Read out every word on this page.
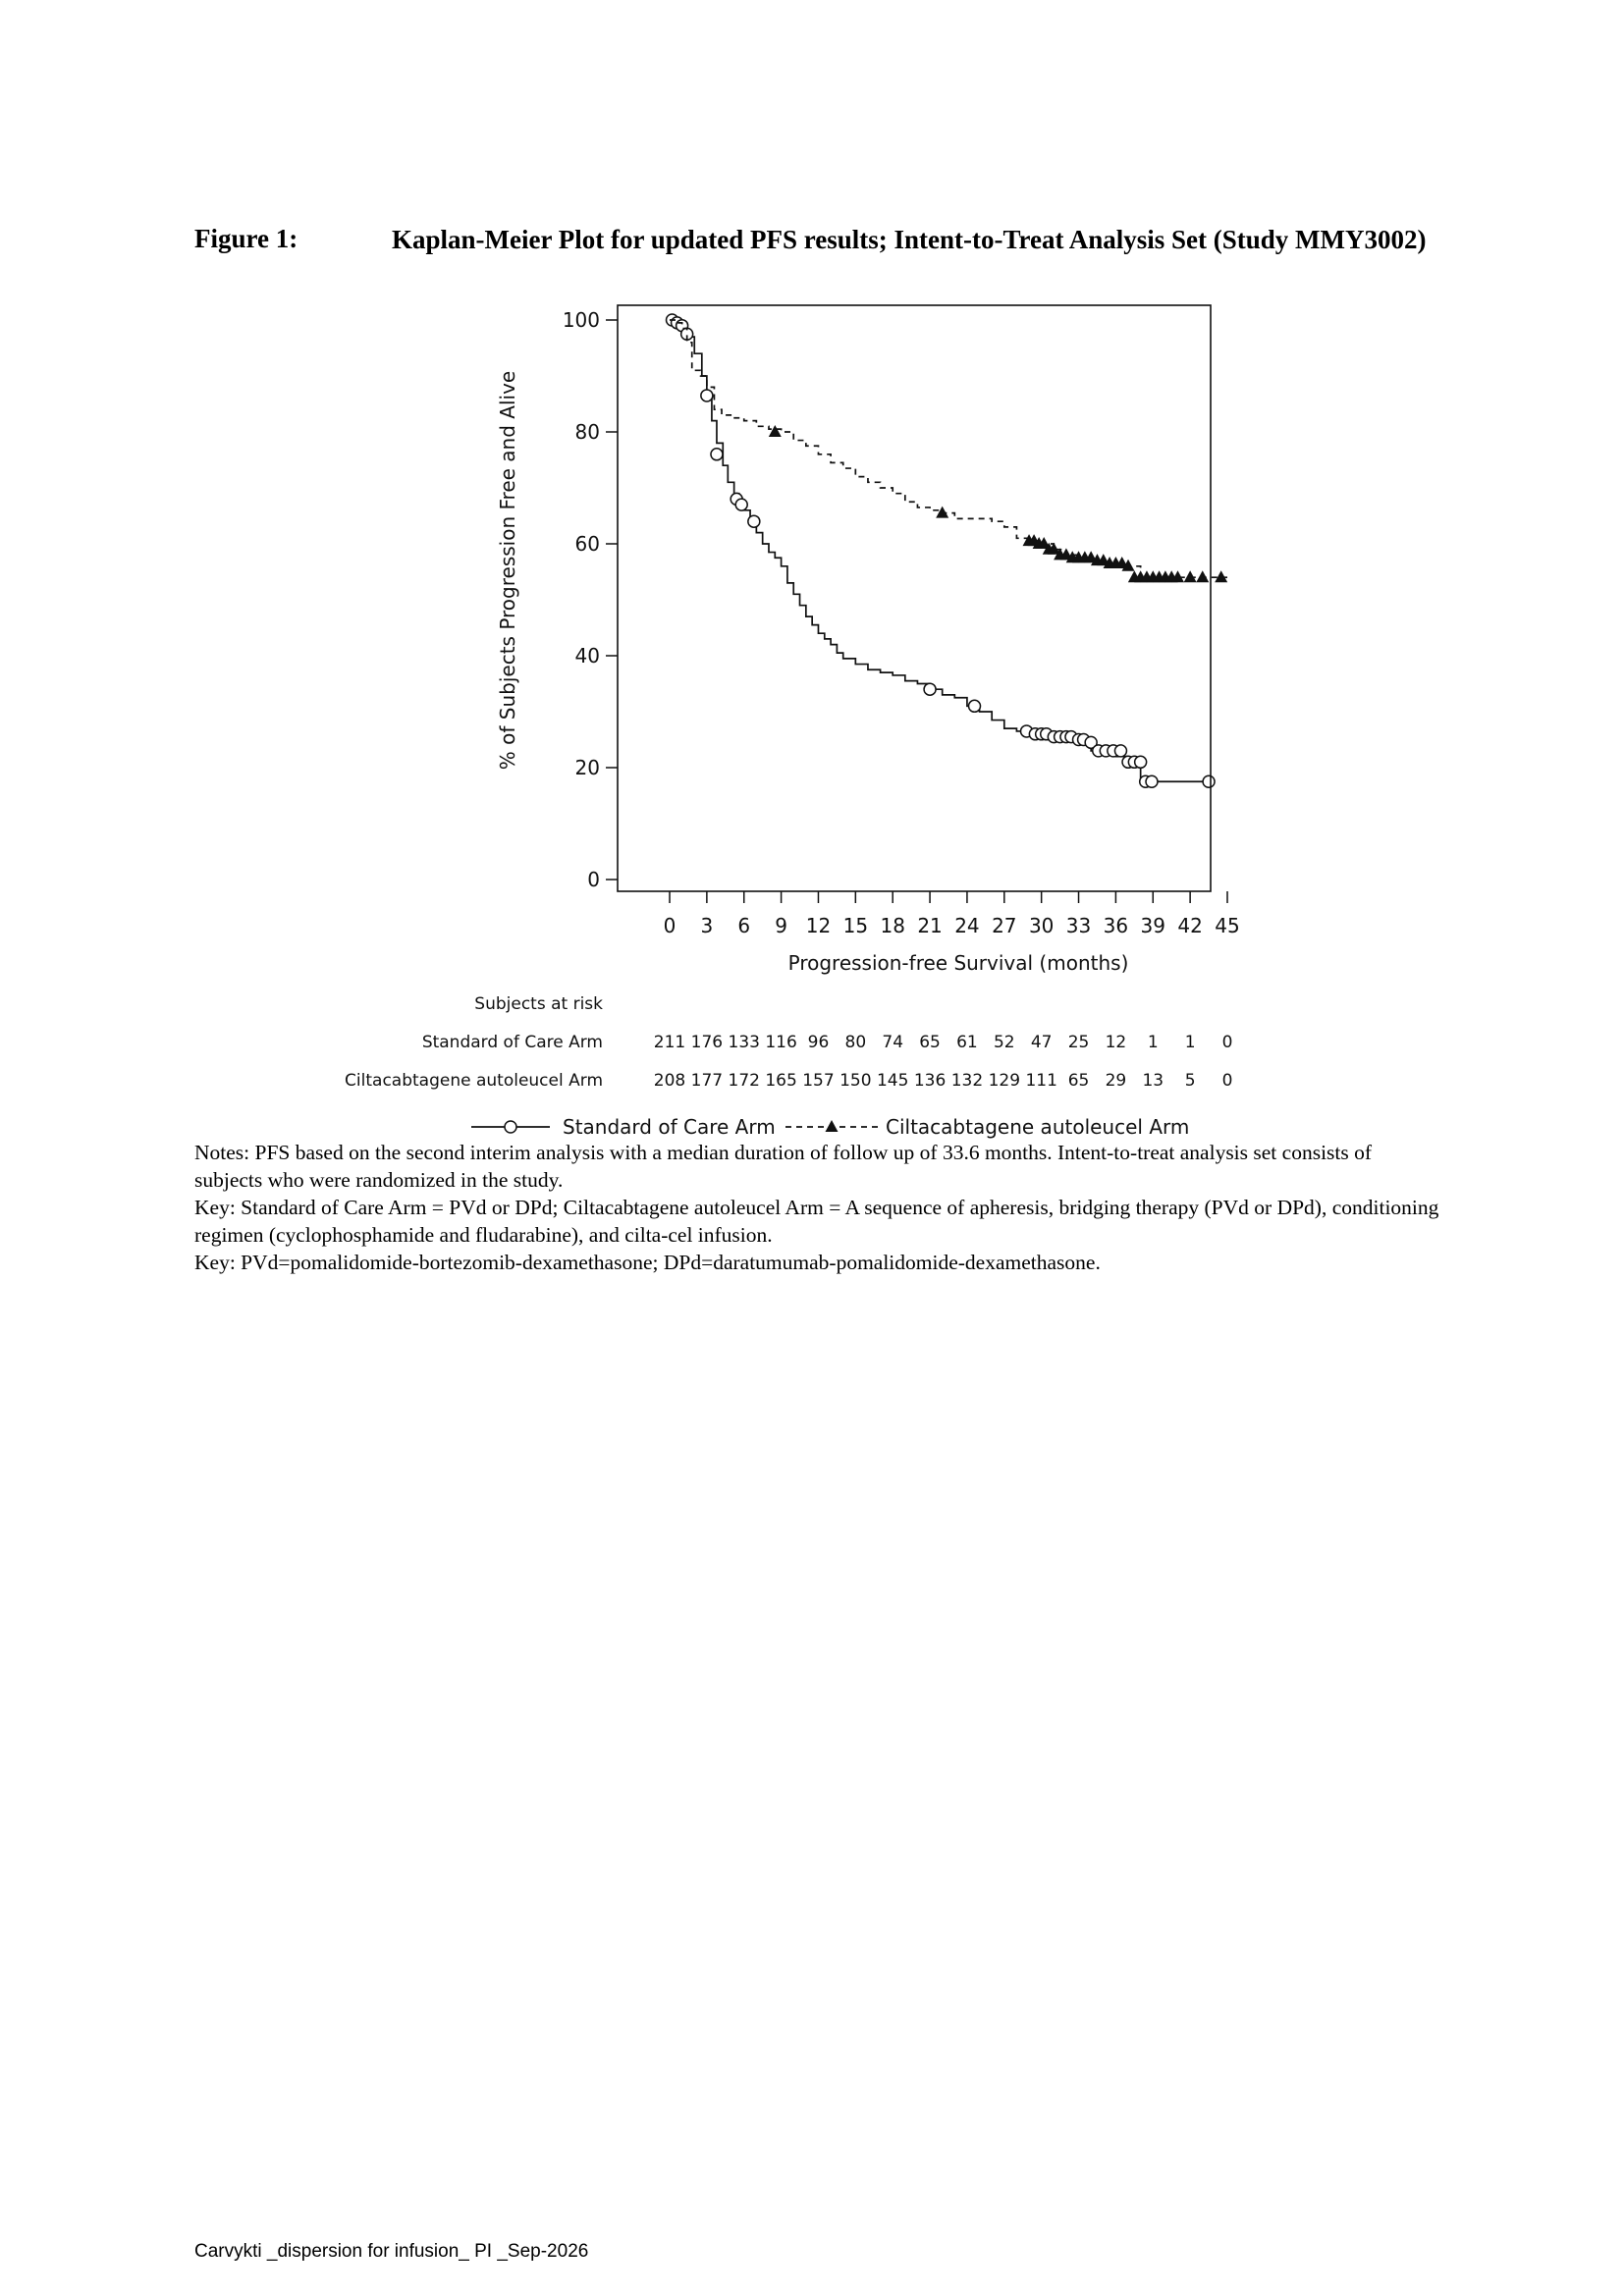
Figure 1:	Kaplan-Meier Plot for updated PFS results; Intent-to-Treat Analysis Set (Study MMY3002)
0
20
40
60
80
100
% of Subjects Progression Free and Alive
0 3 6 9 12 15 18 21 24 27 30 33 36 39 42 45
Progression-free Survival (months)
Subjects at risk
Standard of Care Arm	211 176 133 116 96 80 74 65 61 52 47 25 12 1 1 0
Ciltacabtagene autoleucel Arm	208 177 172 165 157 150 145 136 132 129 111 65 29 13 5 0
Standard of Care Arm	Ciltacabtagene autoleucel Arm

Notes: PFS based on the second interim analysis with a median duration of follow up of 33.6 months. Intent-to-treat analysis set consists of subjects who were randomized in the study.

Key: Standard of Care Arm = PVd or DPd; Ciltacabtagene autoleucel Arm = A sequence of apheresis, bridging therapy (PVd or DPd), conditioning regimen (cyclophosphamide and fludarabine), and cilta-cel infusion.

Key: PVd=pomalidomide-bortezomib-dexamethasone; DPd=daratumumab-pomalidomide-dexamethasone.

Carvykti _dispersion for infusion_ PI _Sep-2026
